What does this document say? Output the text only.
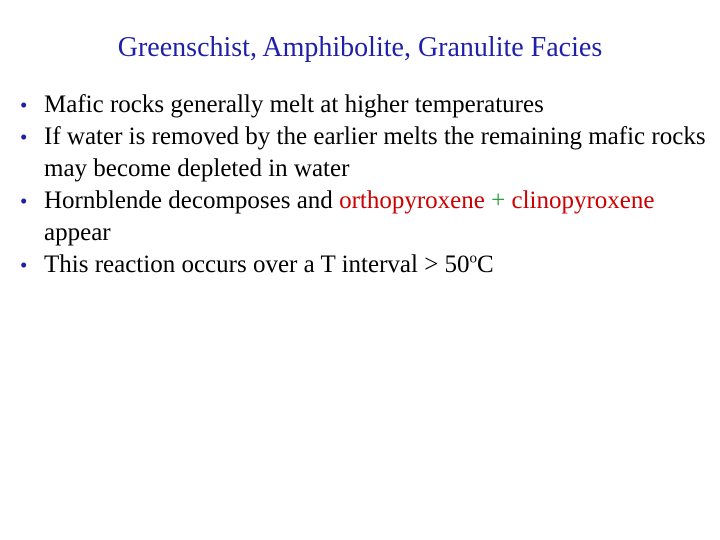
Greenschist, Amphibolite, Granulite Facies
• Mafic rocks generally melt at higher temperatures
• If water is removed by the earlier melts the remaining mafic rocks may become depleted in water
• Hornblende decomposes and orthopyroxene + clinopyroxene appear
• This reaction occurs over a T interval > $50^oC$
